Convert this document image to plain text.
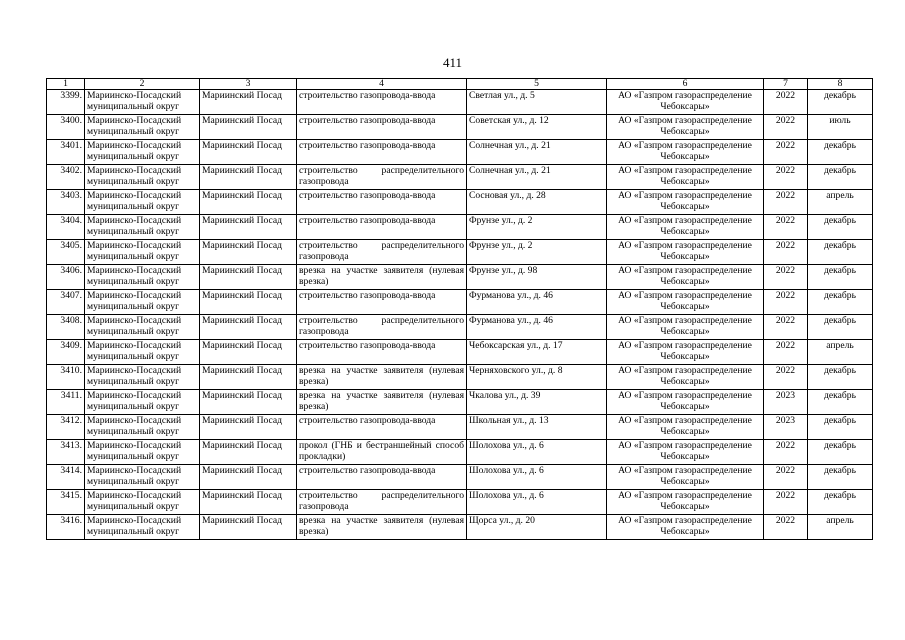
411
1	2	3	4	5	6	7	8
3399.	Мариинско-Посадский муниципальный округ	Мариинский Посад	строительство газопровода-ввода	Светлая ул., д. 5	АО «Газпром газораспределение Чебоксары»	2022	декабрь
3400.	Мариинско-Посадский муниципальный округ	Мариинский Посад	строительство газопровода-ввода	Советская ул., д. 12	АО «Газпром газораспределение Чебоксары»	2022	июль
3401.	Мариинско-Посадский муниципальный округ	Мариинский Посад	строительство газопровода-ввода	Солнечная ул., д. 21	АО «Газпром газораспределение Чебоксары»	2022	декабрь
3402.	Мариинско-Посадский муниципальный округ	Мариинский Посад	строительство распределительного газопровода	Солнечная ул., д. 21	АО «Газпром газораспределение Чебоксары»	2022	декабрь
3403.	Мариинско-Посадский муниципальный округ	Мариинский Посад	строительство газопровода-ввода	Сосновая ул., д. 28	АО «Газпром газораспределение Чебоксары»	2022	апрель
3404.	Мариинско-Посадский муниципальный округ	Мариинский Посад	строительство газопровода-ввода	Фрунзе ул., д. 2	АО «Газпром газораспределение Чебоксары»	2022	декабрь
3405.	Мариинско-Посадский муниципальный округ	Мариинский Посад	строительство распределительного газопровода	Фрунзе ул., д. 2	АО «Газпром газораспределение Чебоксары»	2022	декабрь
3406.	Мариинско-Посадский муниципальный округ	Мариинский Посад	врезка на участке заявителя (нулевая врезка)	Фрунзе ул., д. 98	АО «Газпром газораспределение Чебоксары»	2022	декабрь
3407.	Мариинско-Посадский муниципальный округ	Мариинский Посад	строительство газопровода-ввода	Фурманова ул., д. 46	АО «Газпром газораспределение Чебоксары»	2022	декабрь
3408.	Мариинско-Посадский муниципальный округ	Мариинский Посад	строительство распределительного газопровода	Фурманова ул., д. 46	АО «Газпром газораспределение Чебоксары»	2022	декабрь
3409.	Мариинско-Посадский муниципальный округ	Мариинский Посад	строительство газопровода-ввода	Чебоксарская ул., д. 17	АО «Газпром газораспределение Чебоксары»	2022	апрель
3410.	Мариинско-Посадский муниципальный округ	Мариинский Посад	врезка на участке заявителя (нулевая врезка)	Черняховского ул., д. 8	АО «Газпром газораспределение Чебоксары»	2022	декабрь
3411.	Мариинско-Посадский муниципальный округ	Мариинский Посад	врезка на участке заявителя (нулевая врезка)	Чкалова ул., д. 39	АО «Газпром газораспределение Чебоксары»	2023	декабрь
3412.	Мариинско-Посадский муниципальный округ	Мариинский Посад	строительство газопровода-ввода	Школьная ул., д. 13	АО «Газпром газораспределение Чебоксары»	2023	декабрь
3413.	Мариинско-Посадский муниципальный округ	Мариинский Посад	прокол (ГНБ и бестраншейный способ прокладки)	Шолохова ул., д. 6	АО «Газпром газораспределение Чебоксары»	2022	декабрь
3414.	Мариинско-Посадский муниципальный округ	Мариинский Посад	строительство газопровода-ввода	Шолохова ул., д. 6	АО «Газпром газораспределение Чебоксары»	2022	декабрь
3415.	Мариинско-Посадский муниципальный округ	Мариинский Посад	строительство распределительного газопровода	Шолохова ул., д. 6	АО «Газпром газораспределение Чебоксары»	2022	декабрь
3416.	Мариинско-Посадский муниципальный округ	Мариинский Посад	врезка на участке заявителя (нулевая врезка)	Щорса ул., д. 20	АО «Газпром газораспределение Чебоксары»	2022	апрель
